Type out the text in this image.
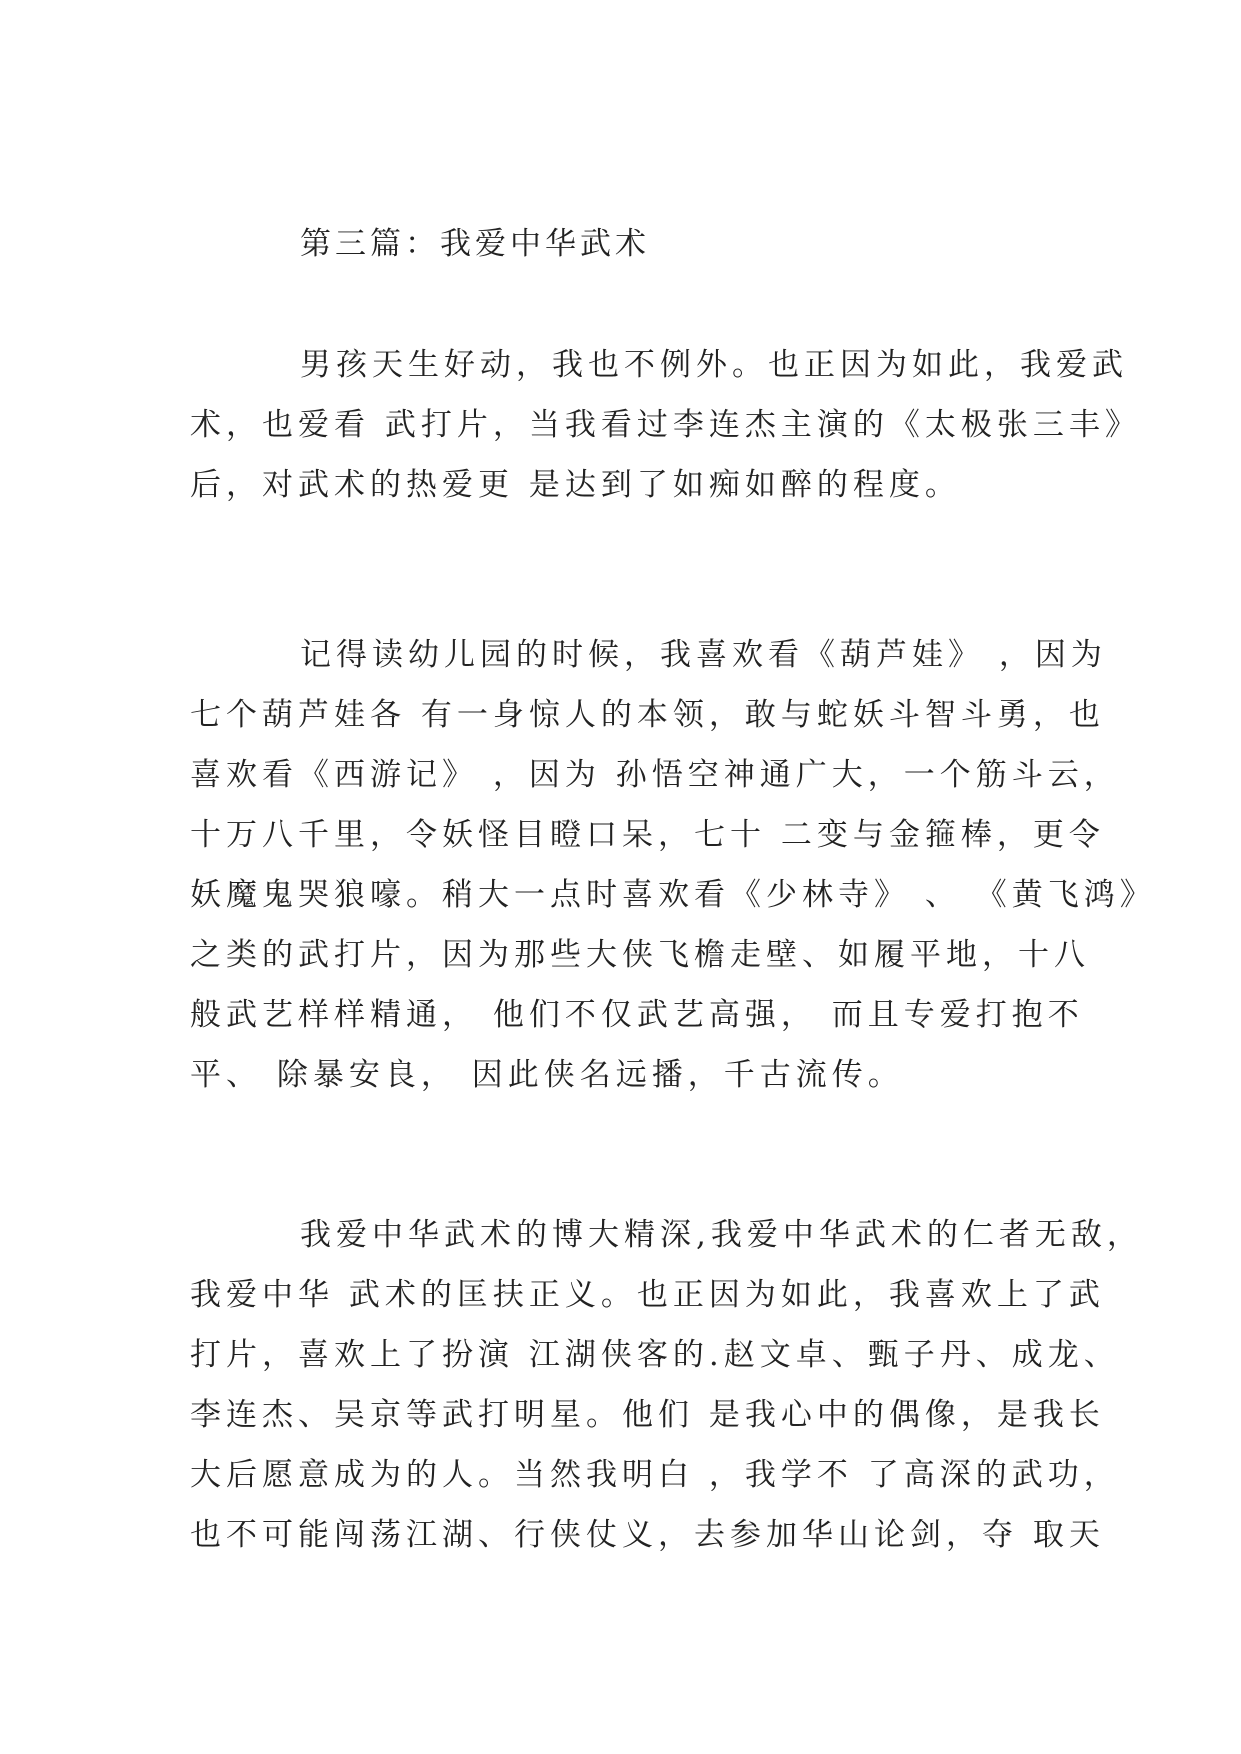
第三篇：我爱中华武术
男孩天生好动，我也不例外。也正因为如此，我爱武
术，也爱看 武打片，当我看过李连杰主演的《太极张三丰》
后，对武术的热爱更 是达到了如痴如醉的程度。
记得读幼儿园的时候，我喜欢看《葫芦娃》 ，因为
七个葫芦娃各 有一身惊人的本领，敢与蛇妖斗智斗勇，也
喜欢看《西游记》 ，因为 孙悟空神通广大，一个筋斗云，
十万八千里，令妖怪目瞪口呆，七十 二变与金箍棒，更令
妖魔鬼哭狼嚎。稍大一点时喜欢看《少林寺》 、 《黄飞鸿》
之类的武打片，因为那些大侠飞檐走壁、如履平地，十八
般武艺样样精通， 他们不仅武艺高强， 而且专爱打抱不
平、 除暴安良， 因此侠名远播，千古流传。
我爱中华武术的博大精深,我爱中华武术的仁者无敌，
我爱中华 武术的匡扶正义。也正因为如此，我喜欢上了武
打片，喜欢上了扮演 江湖侠客的.赵文卓、甄子丹、成龙、
李连杰、吴京等武打明星。他们 是我心中的偶像，是我长
大后愿意成为的人。当然我明白 ，我学不 了高深的武功，
也不可能闯荡江湖、行侠仗义，去参加华山论剑，夺 取天
